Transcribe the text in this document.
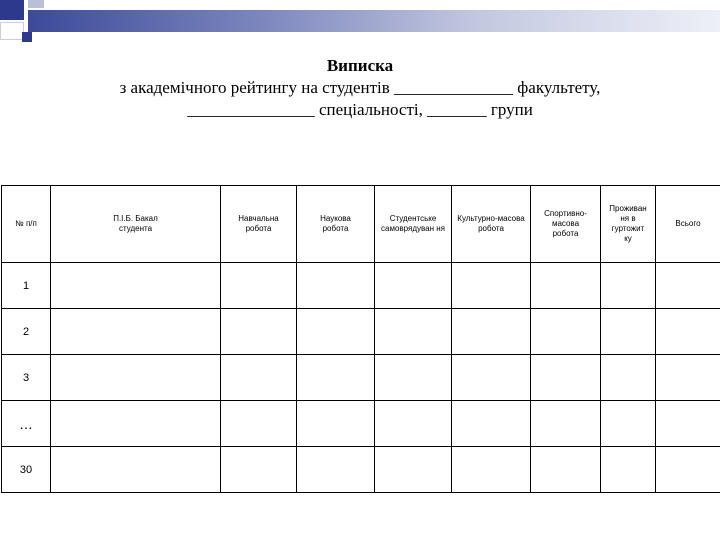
Виписка
з академічного рейтингу на студентів ______________ факультету,
_______________ спеціальності, _______ групи
№ п/п	П.І.Б. Бакал студента	Навчальна робота	Наукова робота	Студентське самоврядуван ня	Культурно-масова робота	Спортивно-масова робота	Проживан ня в гуртожит ку	Всього
1								
2								
3								
…								
30								
